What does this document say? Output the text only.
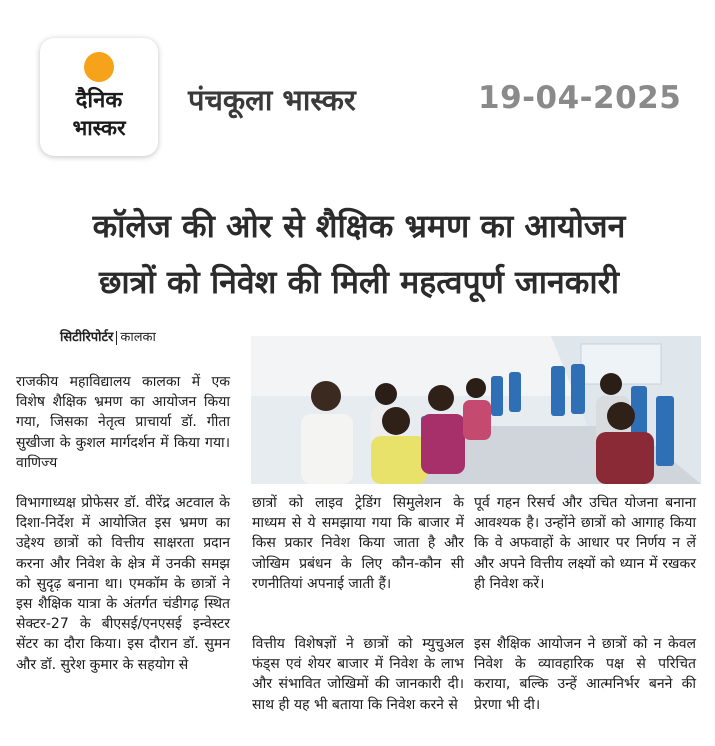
दैनिक
भास्कर
पंचकूला भास्कर	19-04-2025
कॉलेज की ओर से शैक्षिक भ्रमण का आयोजन
छात्रों को निवेश की मिली महत्वपूर्ण जानकारी
सिटीरिपोर्टर कालका

राजकीय महाविद्यालय कालका में एक विशेष शैक्षिक भ्रमण का आयोजन किया गया, जिसका नेतृत्व प्राचार्या डॉ. गीता सुखीजा के कुशल मार्गदर्शन में किया गया। वाणिज्य

विभागाध्यक्ष प्रोफेसर डॉ. वीरेंद्र अटवाल के दिशा-निर्देश में आयोजित इस भ्रमण का उद्देश्य छात्रों को वित्तीय साक्षरता प्रदान करना और निवेश के क्षेत्र में उनकी समझ को सुदृढ़ बनाना था। एमकॉम के छात्रों ने इस शैक्षिक यात्रा के अंतर्गत चंडीगढ़ स्थित सेक्टर-27 के बीएसई/एनएसई इन्वेस्टर सेंटर का दौरा किया। इस दौरान डॉ. सुमन और डॉ. सुरेश कुमार के सहयोग से

छात्रों को लाइव ट्रेडिंग सिमुलेशन के माध्यम से ये समझाया गया कि बाजार में किस प्रकार निवेश किया जाता है और जोखिम प्रबंधन के लिए कौन-कौन सी रणनीतियां अपनाई जाती हैं।

वित्तीय विशेषज्ञों ने छात्रों को म्युचुअल फंड्स एवं शेयर बाजार में निवेश के लाभ और संभावित जोखिमों की जानकारी दी। साथ ही यह भी बताया कि निवेश करने से

पूर्व गहन रिसर्च और उचित योजना बनाना आवश्यक है। उन्होंने छात्रों को आगाह किया कि वे अफवाहों के आधार पर निर्णय न लें और अपने वित्तीय लक्ष्यों को ध्यान में रखकर ही निवेश करें।

इस शैक्षिक आयोजन ने छात्रों को न केवल निवेश के व्यावहारिक पक्ष से परिचित कराया, बल्कि उन्हें आत्मनिर्भर बनने की प्रेरणा भी दी।
